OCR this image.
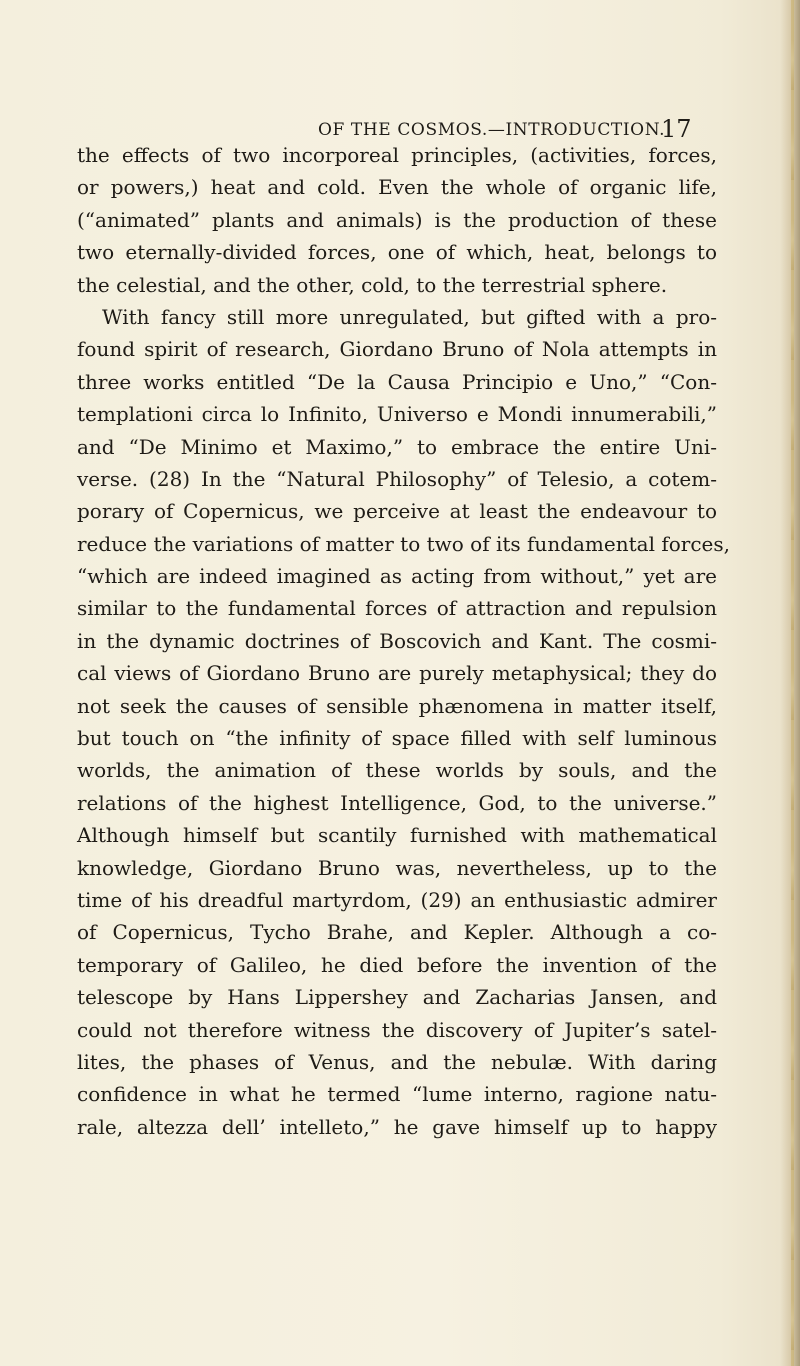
OF THE COSMOS.—INTRODUCTION.
17
the effects of two incorporeal principles, (activities, forces,
or powers,) heat and cold. Even the whole of organic life,
(“animated” plants and animals) is the production of these
two eternally-divided forces, one of which, heat, belongs to
the celestial, and the other, cold, to the terrestrial sphere.
With fancy still more unregulated, but gifted with a pro-
found spirit of research, Giordano Bruno of Nola attempts in
three works entitled “De la Causa Principio e Uno,” “Con-
templationi circa lo Infinito, Universo e Mondi innumerabili,”
and “De Minimo et Maximo,” to embrace the entire Uni-
verse. (28) In the “Natural Philosophy” of Telesio, a cotem-
porary of Copernicus, we perceive at least the endeavour to
reduce the variations of matter to two of its fundamental forces,
“which are indeed imagined as acting from without,” yet are
similar to the fundamental forces of attraction and repulsion
in the dynamic doctrines of Boscovich and Kant. The cosmi-
cal views of Giordano Bruno are purely metaphysical; they do
not seek the causes of sensible phænomena in matter itself,
but touch on “the infinity of space filled with self luminous
worlds, the animation of these worlds by souls, and the
relations of the highest Intelligence, God, to the universe.”
Although himself but scantily furnished with mathematical
knowledge, Giordano Bruno was, nevertheless, up to the
time of his dreadful martyrdom, (29) an enthusiastic admirer
of Copernicus, Tycho Brahe, and Kepler. Although a co-
temporary of Galileo, he died before the invention of the
telescope by Hans Lippershey and Zacharias Jansen, and
could not therefore witness the discovery of Jupiter’s satel-
lites, the phases of Venus, and the nebulæ. With daring
confidence in what he termed “lume interno, ragione natu-
rale, altezza dell’ intelleto,” he gave himself up to happy
